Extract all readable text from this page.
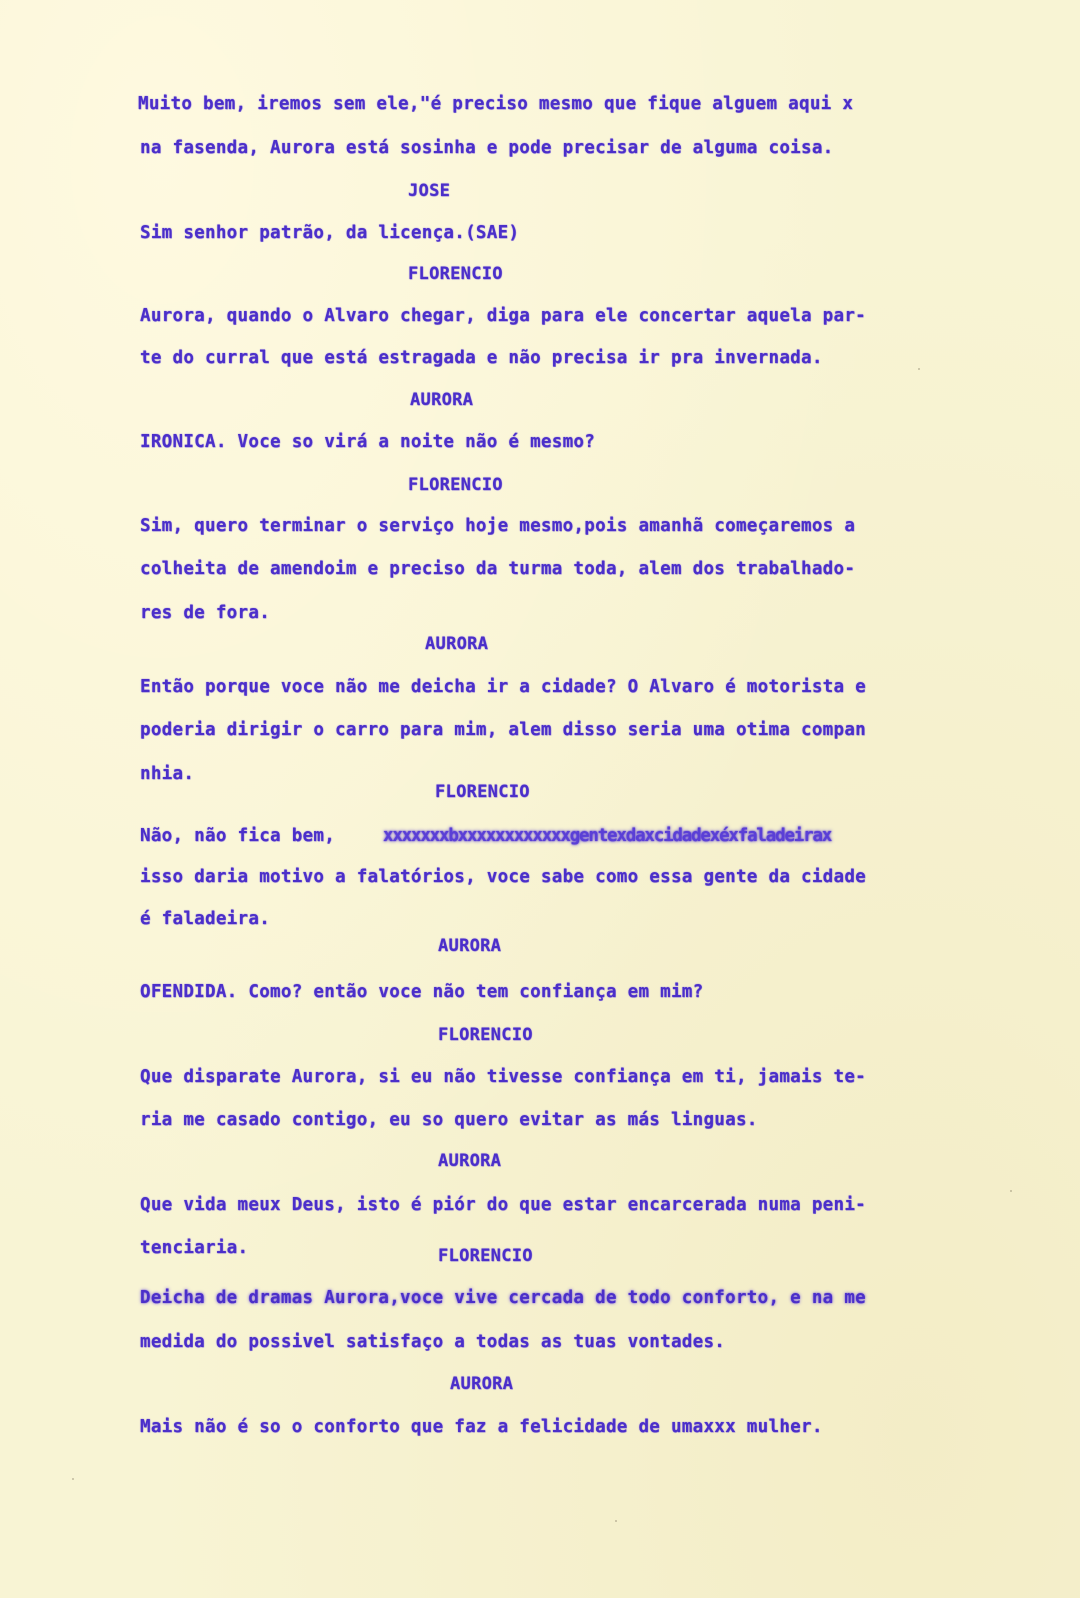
Muito bem, iremos sem ele,"é preciso mesmo que fique alguem aqui x

na fasenda, Aurora está sosinha e pode precisar de alguma coisa.

JOSE

Sim senhor patrão, da licença.(SAE)

FLORENCIO

Aurora, quando o Alvaro chegar, diga para ele concertar aquela par-

te do curral que está estragada e não precisa ir pra invernada.

AURORA

IRONICA. Voce so virá a noite não é mesmo?

FLORENCIO

Sim, quero terminar o serviço hoje mesmo,pois amanhã começaremos a

colheita de amendoim e preciso da turma toda, alem dos trabalhado-

res de fora.

AURORA

Então porque voce não me deicha ir a cidade? O Alvaro é motorista e

poderia dirigir o carro para mim, alem disso seria uma otima compan

nhia.

FLORENCIO

Não, não fica bem,	xxxxxxxbxxxxxxxxxxxxgentexdaxcidadexéxfaladeirax

isso daria motivo a falatórios, voce sabe como essa gente da cidade

é faladeira.

AURORA

OFENDIDA. Como? então voce não tem confiança em mim?

FLORENCIO

Que disparate Aurora, si eu não tivesse confiança em ti, jamais te-

ria me casado contigo, eu so quero evitar as más linguas.

AURORA

Que vida meux Deus, isto é piór do que estar encarcerada numa peni-

tenciaria.	FLORENCIO

Deicha de dramas Aurora,voce vive cercada de todo conforto, e na me

medida do possivel satisfaço a todas as tuas vontades.

AURORA

Mais não é so o conforto que faz a felicidade de umaxxx mulher.
